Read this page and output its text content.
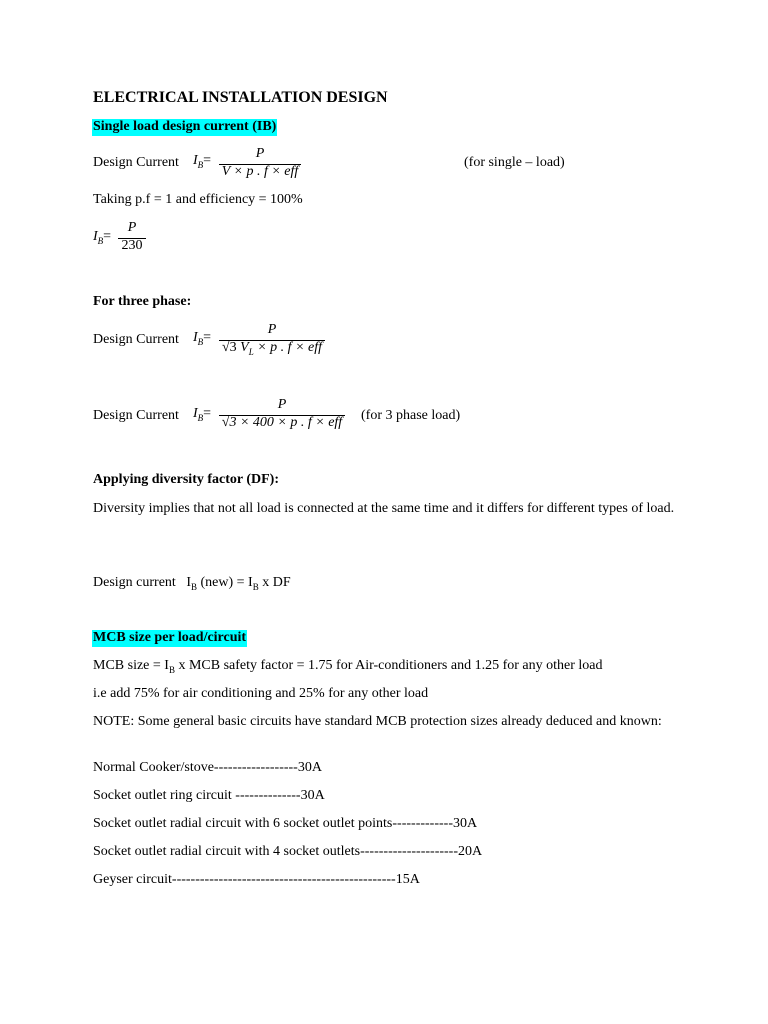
ELECTRICAL INSTALLATION DESIGN
Single load design current (IB)
Design Current $I_B=$	P
V × p . f × eff
(for single – load)
Taking p.f = 1 and efficiency = 100%
$I_B=$
P
230
For three phase:
Design Current $I_B=$
P
√3 $V_L \times p$ . f × eff
Design Current $I_B=$
P
√3 × 400 × p . f × eff (for 3 phase load)
Applying diversity factor (DF):
Diversity implies that not all load is connected at the same time and it differs for different types of load.
Design current $I_B$ $(new) = I_B$ x DF
MCB size per load/circuit
MCB size = $I_B$ x MCB safety factor = 1.75 for Air-conditioners and 1.25 for any other load
i.e add 75% for air conditioning and 25% for any other load
NOTE: Some general basic circuits have standard MCB protection sizes already deduced and known:
Normal Cooker/stove------------------30A
Socket outlet ring circuit --------------30A
Socket outlet radial circuit with 6 socket outlet points-------------30A
Socket outlet radial circuit with 4 socket outlets---------------------20A
Geyser circuit------------------------------------------------15A
